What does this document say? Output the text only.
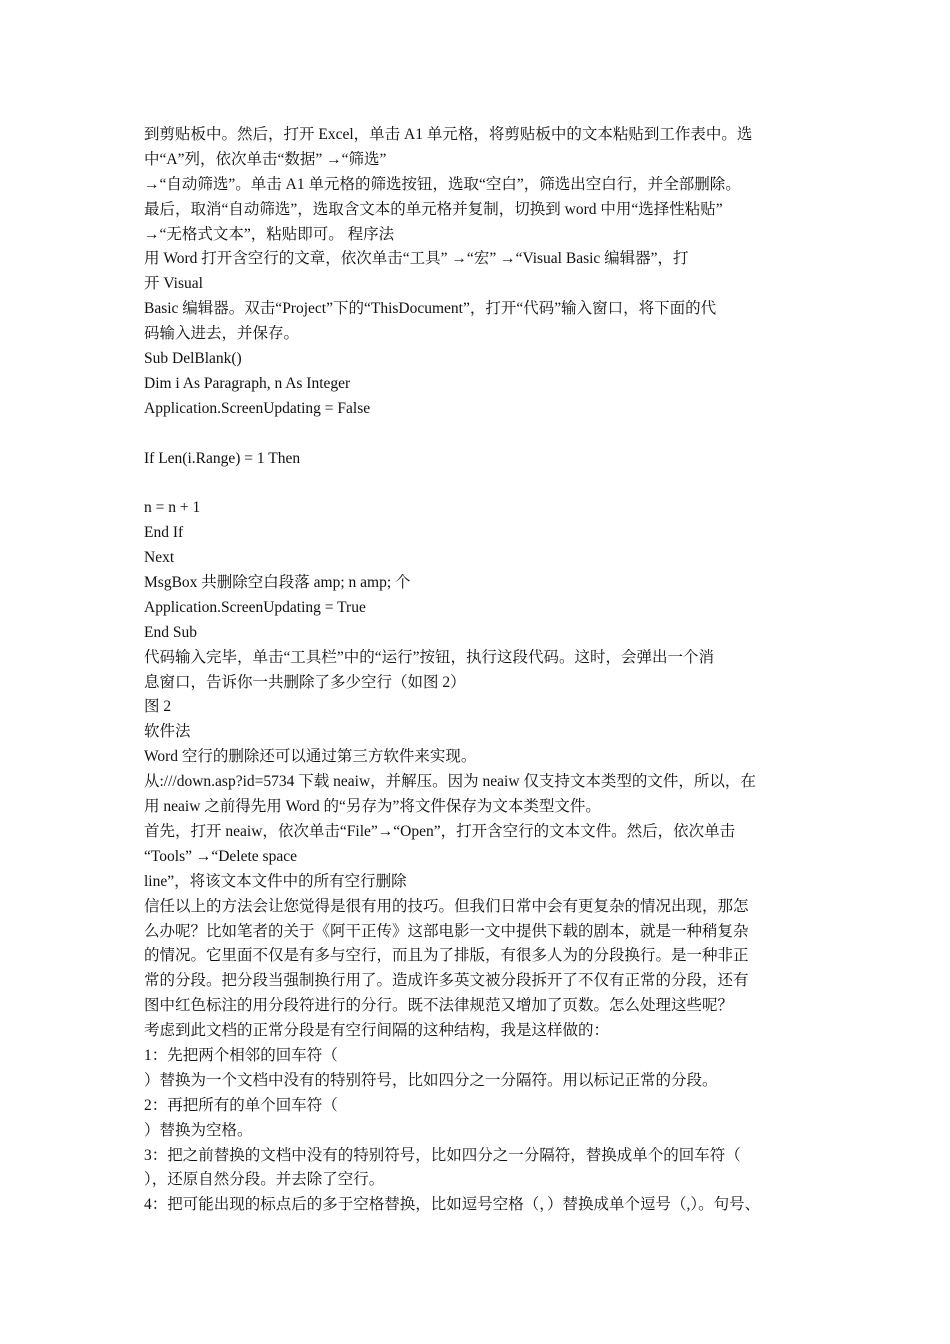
到剪贴板中。然后，打开 Excel，单击 A1 单元格，将剪贴板中的文本粘贴到工作表中。选
中“A”列，依次单击“数据” →“筛选”
→“自动筛选”。单击 A1 单元格的筛选按钮，选取“空白”，筛选出空白行，并全部删除。
最后，取消“自动筛选”，选取含文本的单元格并复制，切换到 word 中用“选择性粘贴”
→“无格式文本”，粘贴即可。 程序法
用 Word 打开含空行的文章，依次单击“工具” →“宏” →“Visual Basic 编辑器”，打
开 Visual
Basic 编辑器。双击“Project”下的“ThisDocument”，打开“代码”输入窗口，将下面的代
码输入进去，并保存。
Sub DelBlank()
Dim i As Paragraph, n As Integer
Application.ScreenUpdating = False
If Len(i.Range) = 1 Then
n = n + 1
End If
Next
MsgBox 共删除空白段落 amp; n amp; 个
Application.ScreenUpdating = True
End Sub
代码输入完毕，单击“工具栏”中的“运行”按钮，执行这段代码。这时，会弹出一个消
息窗口，告诉你一共删除了多少空行（如图 2）
图 2
软件法
Word 空行的删除还可以通过第三方软件来实现。
从:///down.asp?id=5734 下载 neaiw，并解压。因为 neaiw 仅支持文本类型的文件，所以，在
用 neaiw 之前得先用 Word 的“另存为”将文件保存为文本类型文件。
首先，打开 neaiw，依次单击“File”→“Open”，打开含空行的文本文件。然后，依次单击
“Tools” →“Delete space
line”，将该文本文件中的所有空行删除
信任以上的方法会让您觉得是很有用的技巧。但我们日常中会有更复杂的情况出现，那怎
么办呢？比如笔者的关于《阿干正传》这部电影一文中提供下载的剧本，就是一种稍复杂
的情况。它里面不仅是有多与空行，而且为了排版，有很多人为的分段换行。是一种非正
常的分段。把分段当强制换行用了。造成许多英文被分段拆开了不仅有正常的分段，还有
图中红色标注的用分段符进行的分行。既不法律规范又增加了页数。怎么处理这些呢？
考虑到此文档的正常分段是有空行间隔的这种结构，我是这样做的：
1：先把两个相邻的回车符（
）替换为一个文档中没有的特别符号，比如四分之一分隔符。用以标记正常的分段。
2：再把所有的单个回车符（
）替换为空格。
3：把之前替换的文档中没有的特别符号，比如四分之一分隔符，替换成单个的回车符（
），还原自然分段。并去除了空行。
4：把可能出现的标点后的多于空格替换，比如逗号空格（，）替换成单个逗号（,）。句号、
